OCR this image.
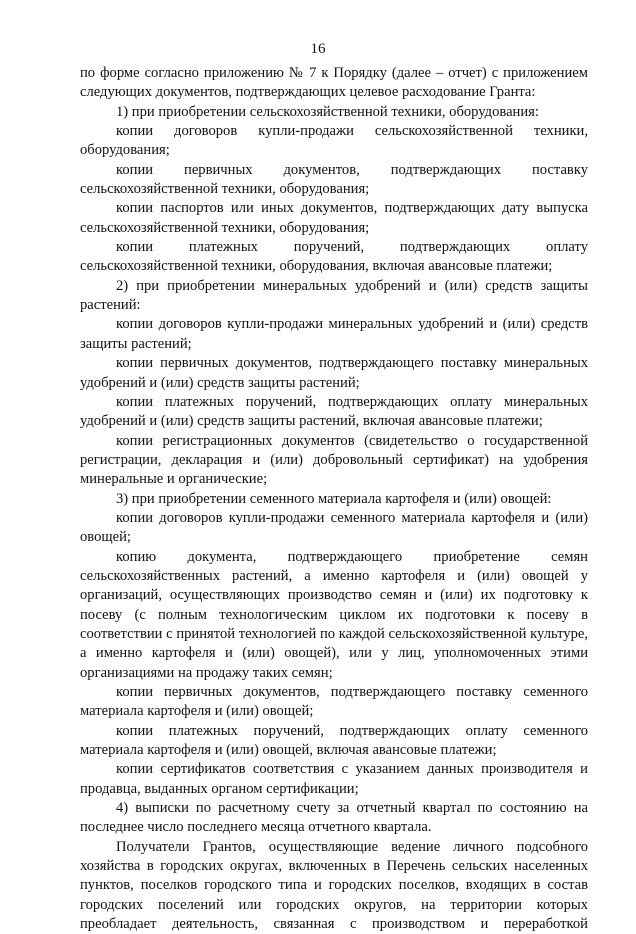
16

по форме согласно приложению № 7 к Порядку (далее – отчет) с приложением следующих документов, подтверждающих целевое расходование Гранта:

1) при приобретении сельскохозяйственной техники, оборудования:

копии договоров купли-продажи сельскохозяйственной техники, оборудования;

копии первичных документов, подтверждающих поставку сельскохозяйственной техники, оборудования;

копии паспортов или иных документов, подтверждающих дату выпуска сельскохозяйственной техники, оборудования;

копии платежных поручений, подтверждающих оплату сельскохозяйственной техники, оборудования, включая авансовые платежи;

2) при приобретении минеральных удобрений и (или) средств защиты растений:

копии договоров купли-продажи минеральных удобрений и (или) средств защиты растений;

копии первичных документов, подтверждающего поставку минеральных удобрений и (или) средств защиты растений;

копии платежных поручений, подтверждающих оплату минеральных удобрений и (или) средств защиты растений, включая авансовые платежи;

копии регистрационных документов (свидетельство о государственной регистрации, декларация и (или) добровольный сертификат) на удобрения минеральные и органические;

3) при приобретении семенного материала картофеля и (или) овощей:

копии договоров купли-продажи семенного материала картофеля и (или) овощей;

копию документа, подтверждающего приобретение семян сельскохозяйственных растений, а именно картофеля и (или) овощей у организаций, осуществляющих производство семян и (или) их подготовку к посеву (с полным технологическим циклом их подготовки к посеву в соответствии с принятой технологией по каждой сельскохозяйственной культуре, а именно картофеля и (или) овощей), или у лиц, уполномоченных этими организациями на продажу таких семян;

копии первичных документов, подтверждающего поставку семенного материала картофеля и (или) овощей;

копии платежных поручений, подтверждающих оплату семенного материала картофеля и (или) овощей, включая авансовые платежи;

копии сертификатов соответствия с указанием данных производителя и продавца, выданных органом сертификации;

4) выписки по расчетному счету за отчетный квартал по состоянию на последнее число последнего месяца отчетного квартала.

Получатели Грантов, осуществляющие ведение личного подсобного хозяйства в городских округах, включенных в Перечень сельских населенных пунктов, поселков городского типа и городских поселков, входящих в состав городских поселений или городских округов, на территории которых преобладает деятельность, связанная с производством и переработкой
